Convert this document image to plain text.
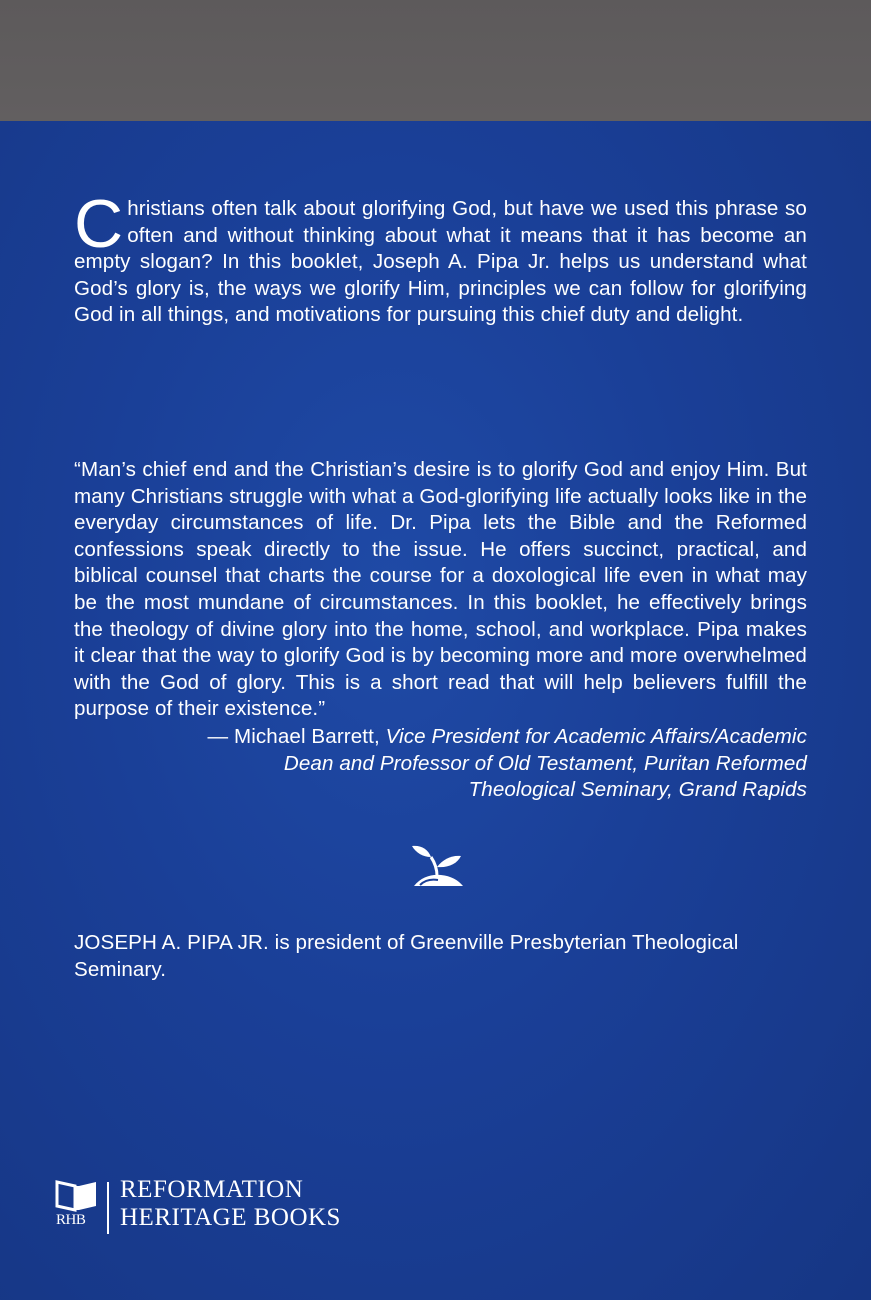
Christians often talk about glorifying God, but have we used this phrase so often and without thinking about what it means that it has become an empty slogan? In this booklet, Joseph A. Pipa Jr. helps us understand what God’s glory is, the ways we glorify Him, principles we can follow for glorifying God in all things, and motivations for pursuing this chief duty and delight.
“Man’s chief end and the Christian’s desire is to glorify God and enjoy Him. But many Christians struggle with what a God-glorifying life actually looks like in the everyday circumstances of life. Dr. Pipa lets the Bible and the Reformed confessions speak directly to the issue. He offers succinct, practical, and biblical counsel that charts the course for a doxological life even in what may be the most mundane of circumstances. In this booklet, he effectively brings the theology of divine glory into the home, school, and workplace. Pipa makes it clear that the way to glorify God is by becoming more and more overwhelmed with the God of glory. This is a short read that will help believers fulfill the purpose of their existence.”
— Michael Barrett, Vice President for Academic Affairs/Academic
Dean and Professor of Old Testament, Puritan Reformed
Theological Seminary, Grand Rapids
JOSEPH A. PIPA JR. is president of Greenville Presbyterian Theological Seminary.
RHB
REFORMATION
HERITAGE BOOKS
